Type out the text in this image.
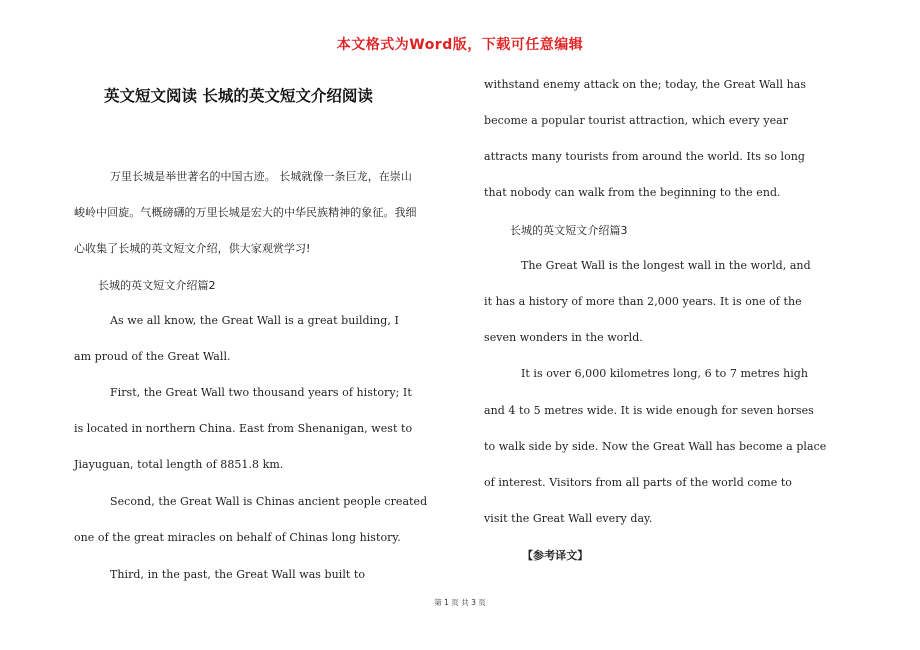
本文格式为Word版，下载可任意编辑
英文短文阅读 长城的英文短文介绍阅读
万里长城是举世著名的中国古迹。 长城就像一条巨龙，在崇山
峻岭中回旋。气概磅礴的万里长城是宏大的中华民族精神的象征。我细
心收集了长城的英文短文介绍，供大家观赏学习!
长城的英文短文介绍篇2
As we all know, the Great Wall is a great building, I
am proud of the Great Wall.
First, the Great Wall two thousand years of history; It
is located in northern China. East from Shenanigan, west to
Jiayuguan, total length of 8851.8 km.
Second, the Great Wall is Chinas ancient people created
one of the great miracles on behalf of Chinas long history.
Third, in the past, the Great Wall was built to
withstand enemy attack on the; today, the Great Wall has
become a popular tourist attraction, which every year
attracts many tourists from around the world. Its so long
that nobody can walk from the beginning to the end.
长城的英文短文介绍篇3
The Great Wall is the longest wall in the world, and
it has a history of more than 2,000 years. It is one of the
seven wonders in the world.
It is over 6,000 kilometres long, 6 to 7 metres high
and 4 to 5 metres wide. It is wide enough for seven horses
to walk side by side. Now the Great Wall has become a place
of interest. Visitors from all parts of the world come to
visit the Great Wall every day.
【参考译文】
第 1 页 共 3 页
